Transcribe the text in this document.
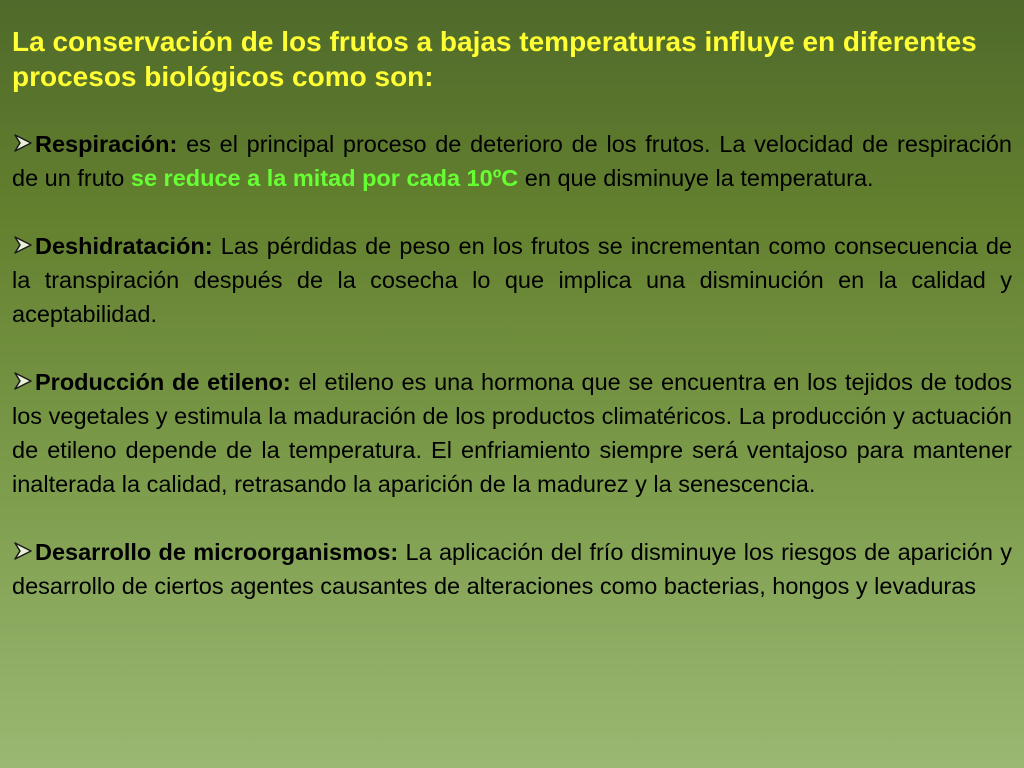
La conservación de los frutos a bajas temperaturas influye en diferentes procesos biológicos como son:

Respiración: es el principal proceso de deterioro de los frutos. La velocidad de respiración de un fruto se reduce a la mitad por cada 10ºC en que disminuye la temperatura.

Deshidratación: Las pérdidas de peso en los frutos se incrementan como consecuencia de la transpiración después de la cosecha lo que implica una disminución en la calidad y aceptabilidad.

Producción de etileno: el etileno es una hormona que se encuentra en los tejidos de todos los vegetales y estimula la maduración de los productos climatéricos. La producción y actuación de etileno depende de la temperatura. El enfriamiento siempre será ventajoso para mantener inalterada la calidad, retrasando la aparición de la madurez y la senescencia.

Desarrollo de microorganismos: La aplicación del frío disminuye los riesgos de aparición y desarrollo de ciertos agentes causantes de alteraciones como bacterias, hongos y levaduras
